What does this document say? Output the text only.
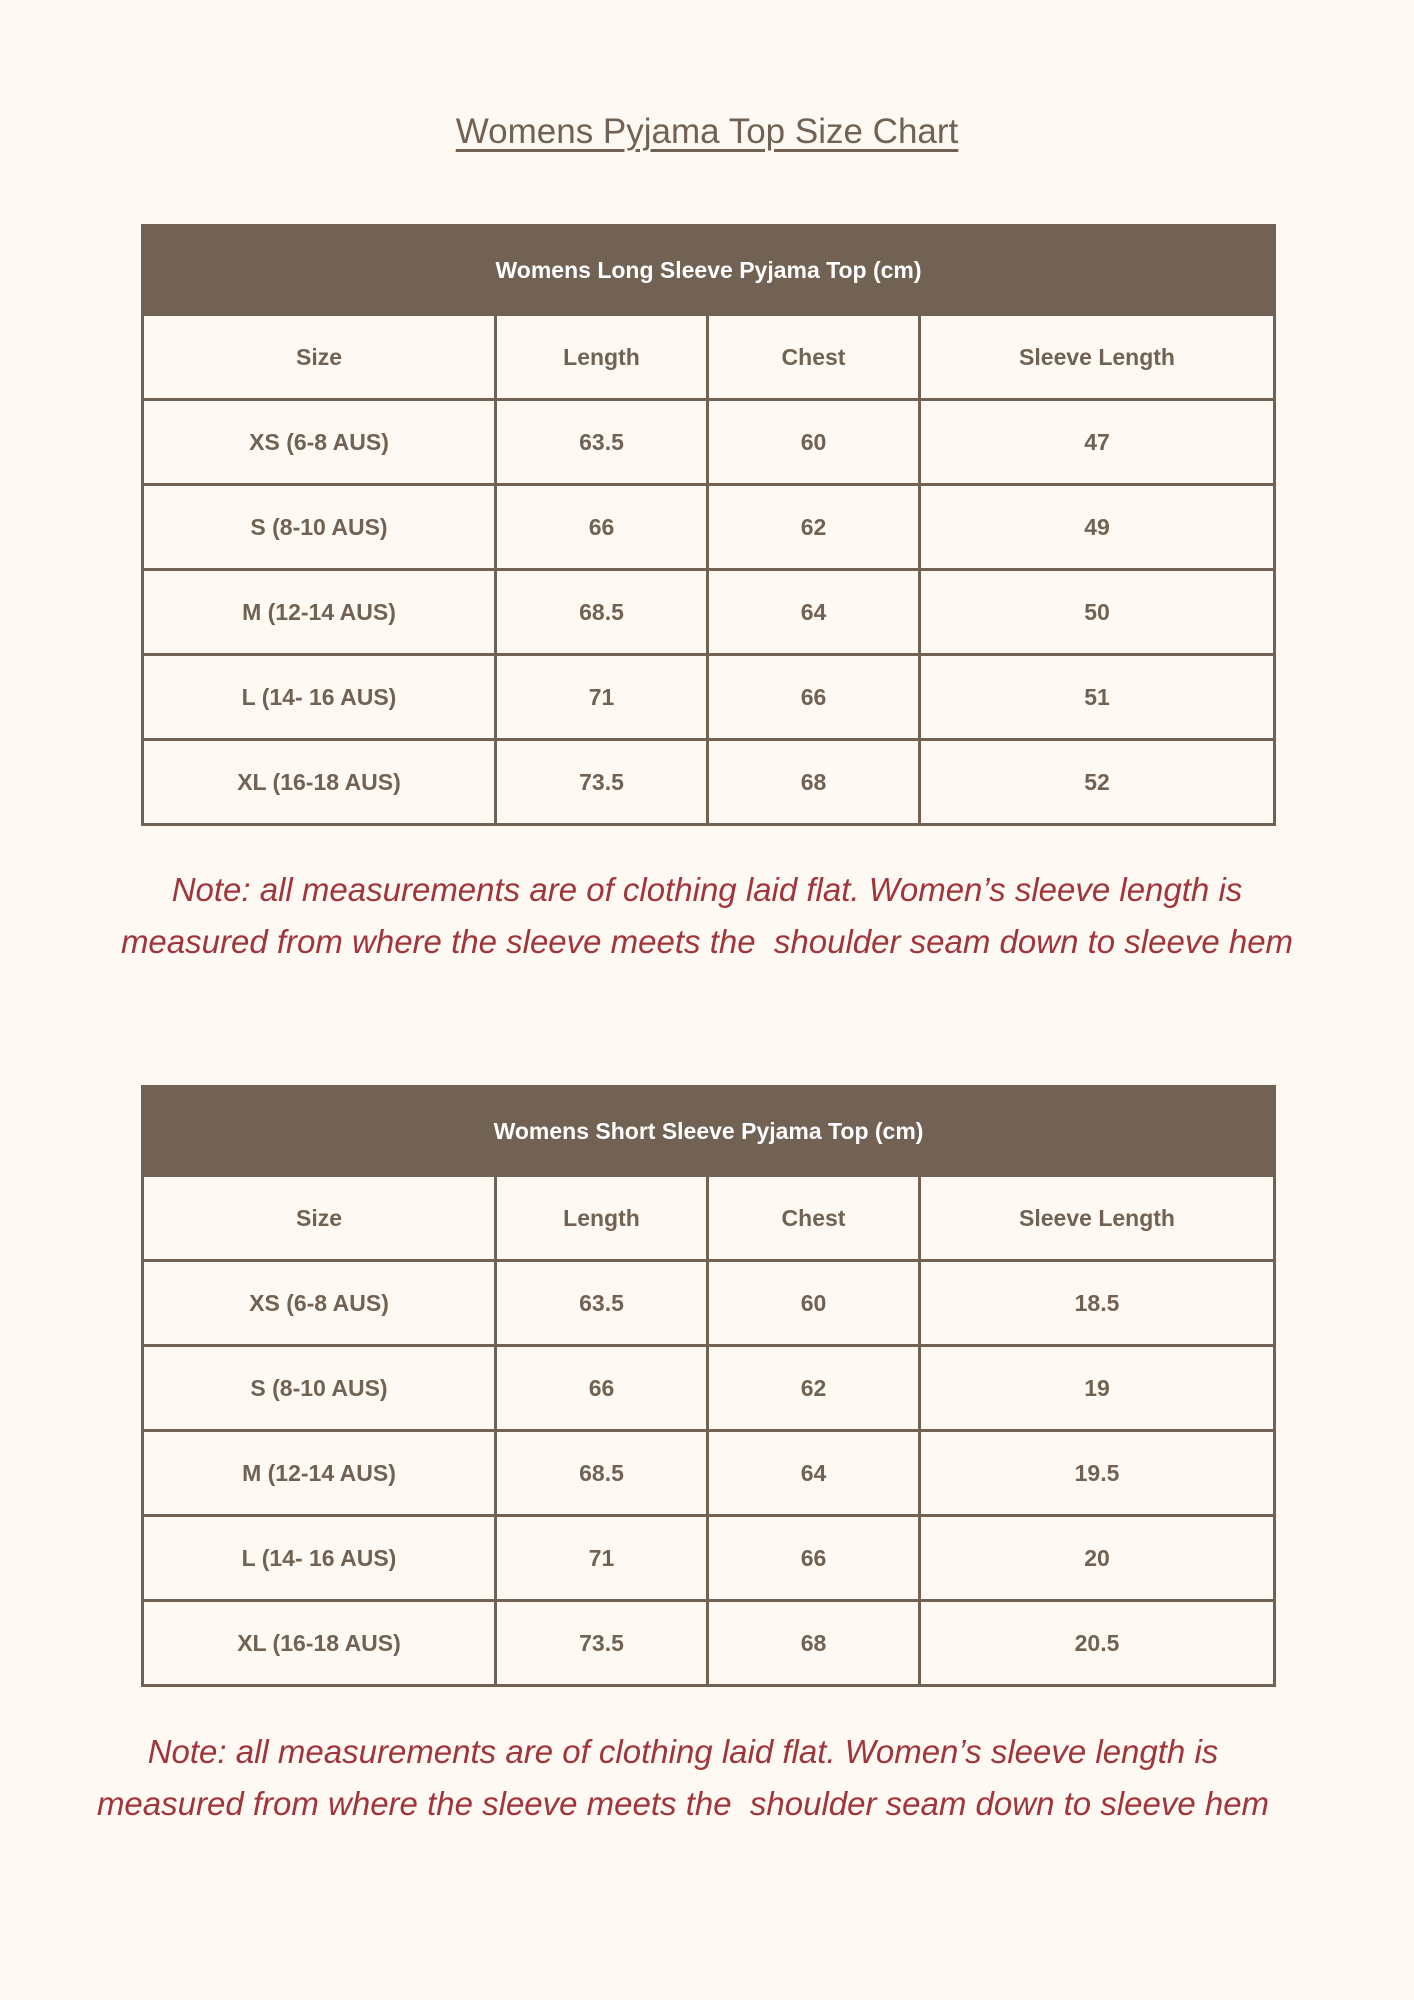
Womens Pyjama Top Size Chart
Womens Long Sleeve Pyjama Top (cm)			
Size	Length	Chest	Sleeve Length
XS (6-8 AUS)	63.5	60	47
S (8-10 AUS)	66	62	49
M (12-14 AUS)	68.5	64	50
L (14- 16 AUS)	71	66	51
XL (16-18 AUS)	73.5	68	52
Note: all measurements are of clothing laid flat. Women’s sleeve length is
measured from where the sleeve meets the  shoulder seam down to sleeve hem
Womens Short Sleeve Pyjama Top (cm)			
Size	Length	Chest	Sleeve Length
XS (6-8 AUS)	63.5	60	18.5
S (8-10 AUS)	66	62	19
M (12-14 AUS)	68.5	64	19.5
L (14- 16 AUS)	71	66	20
XL (16-18 AUS)	73.5	68	20.5
Note: all measurements are of clothing laid flat. Women’s sleeve length is
measured from where the sleeve meets the  shoulder seam down to sleeve hem
